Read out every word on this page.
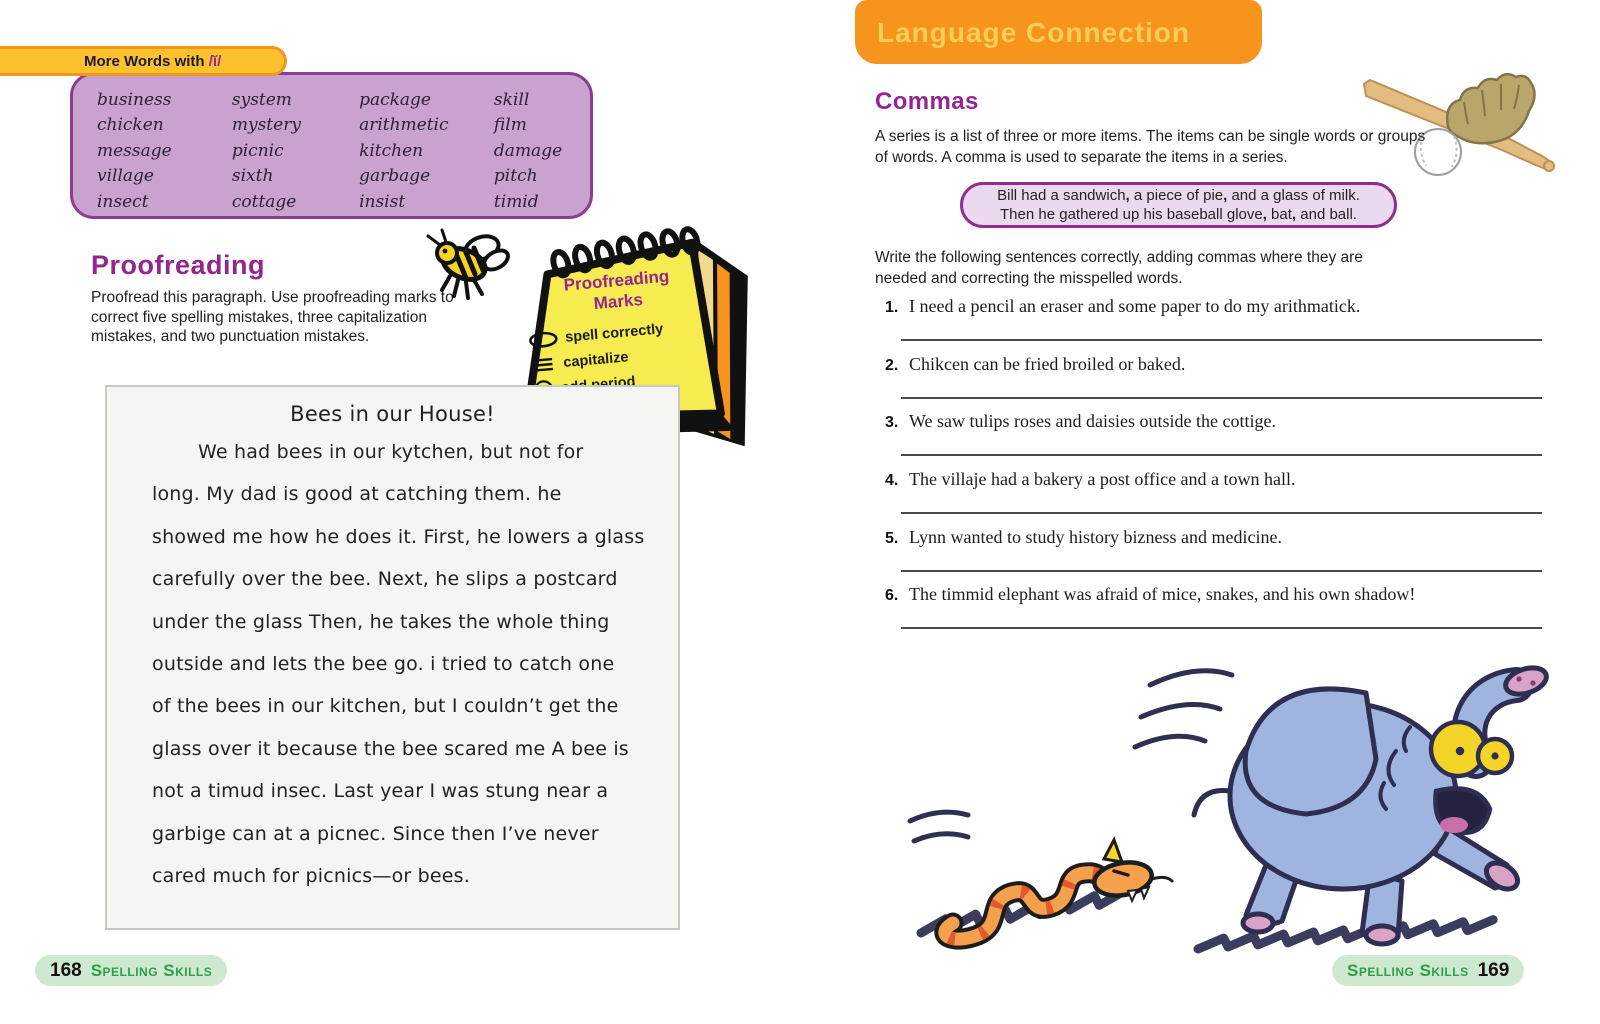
business
chicken
message
village
insect
system
mystery
picnic
sixth
cottage
package
arithmetic
kitchen
garbage
insist
skill
film
damage
pitch
timid
More Words with /ĭ/
Proofreading
Proofread this paragraph. Use proofreading marks to correct five spelling mistakes, three capitalization mistakes, and two punctuation mistakes.
Proofreading
Marks
spell correctly
capitalize
Bees in our House!
We had bees in our kytchen, but not for
long. My dad is good at catching them. he
showed me how he does it. First, he lowers a glass
carefully over the bee. Next, he slips a postcard
under the glass Then, he takes the whole thing
outside and lets the bee go. i tried to catch one
of the bees in our kitchen, but I couldn’t get the
glass over it because the bee scared me A bee is
not a timud insec. Last year I was stung near a
garbige can at a picnec. Since then I’ve never
cared much for picnics—or bees.
168 Spelling Skills
Language Connection
Commas
A series is a list of three or more items. The items can be single words or groups of words. A comma is used to separate the items in a series.
Bill had a sandwich, a piece of pie, and a glass of milk.
Then he gathered up his baseball glove, bat, and ball.
Write the following sentences correctly, adding commas where they are needed and correcting the misspelled words.
1. I need a pencil an eraser and some paper to do my arithmatick.
2. Chikcen can be fried broiled or baked.
3. We saw tulips roses and daisies outside the cottige.
4. The villaje had a bakery a post office and a town hall.
5. Lynn wanted to study history bizness and medicine.
6. The timmid elephant was afraid of mice, snakes, and his own shadow!
Spelling Skills 169
